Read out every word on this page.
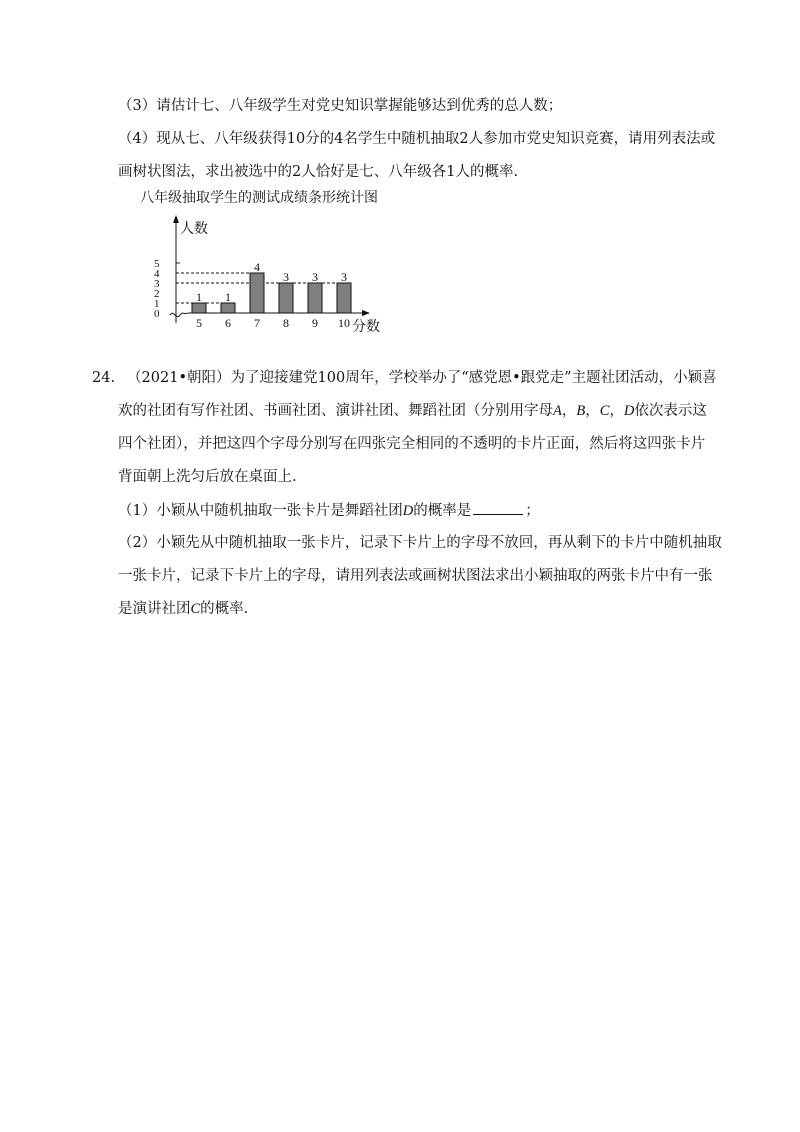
（3）请估计七、八年级学生对党史知识掌握能够达到优秀的总人数；
（4）现从七、八年级获得10分的4名学生中随机抽取2人参加市党史知识竞赛，请用列表法或
画树状图法，求出被选中的2人恰好是七、八年级各1人的概率.
八年级抽取学生的测试成绩条形统计图
0
1
2
3
4
5
5 6 7 8 9 10
1 1
4
3 3 3
人数
分数
24. （2021•朝阳）为了迎接建党100周年，学校举办了“感党恩•跟党走”主题社团活动，小颖喜
欢的社团有写作社团、书画社团、演讲社团、舞蹈社团（分别用字母A，B，C，D依次表示这
四个社团），并把这四个字母分别写在四张完全相同的不透明的卡片正面，然后将这四张卡片
背面朝上洗匀后放在桌面上.
（1）小颖从中随机抽取一张卡片是舞蹈社团D的概率是	；
（2）小颖先从中随机抽取一张卡片，记录下卡片上的字母不放回，再从剩下的卡片中随机抽取
一张卡片，记录下卡片上的字母，请用列表法或画树状图法求出小颖抽取的两张卡片中有一张
是演讲社团C的概率.
